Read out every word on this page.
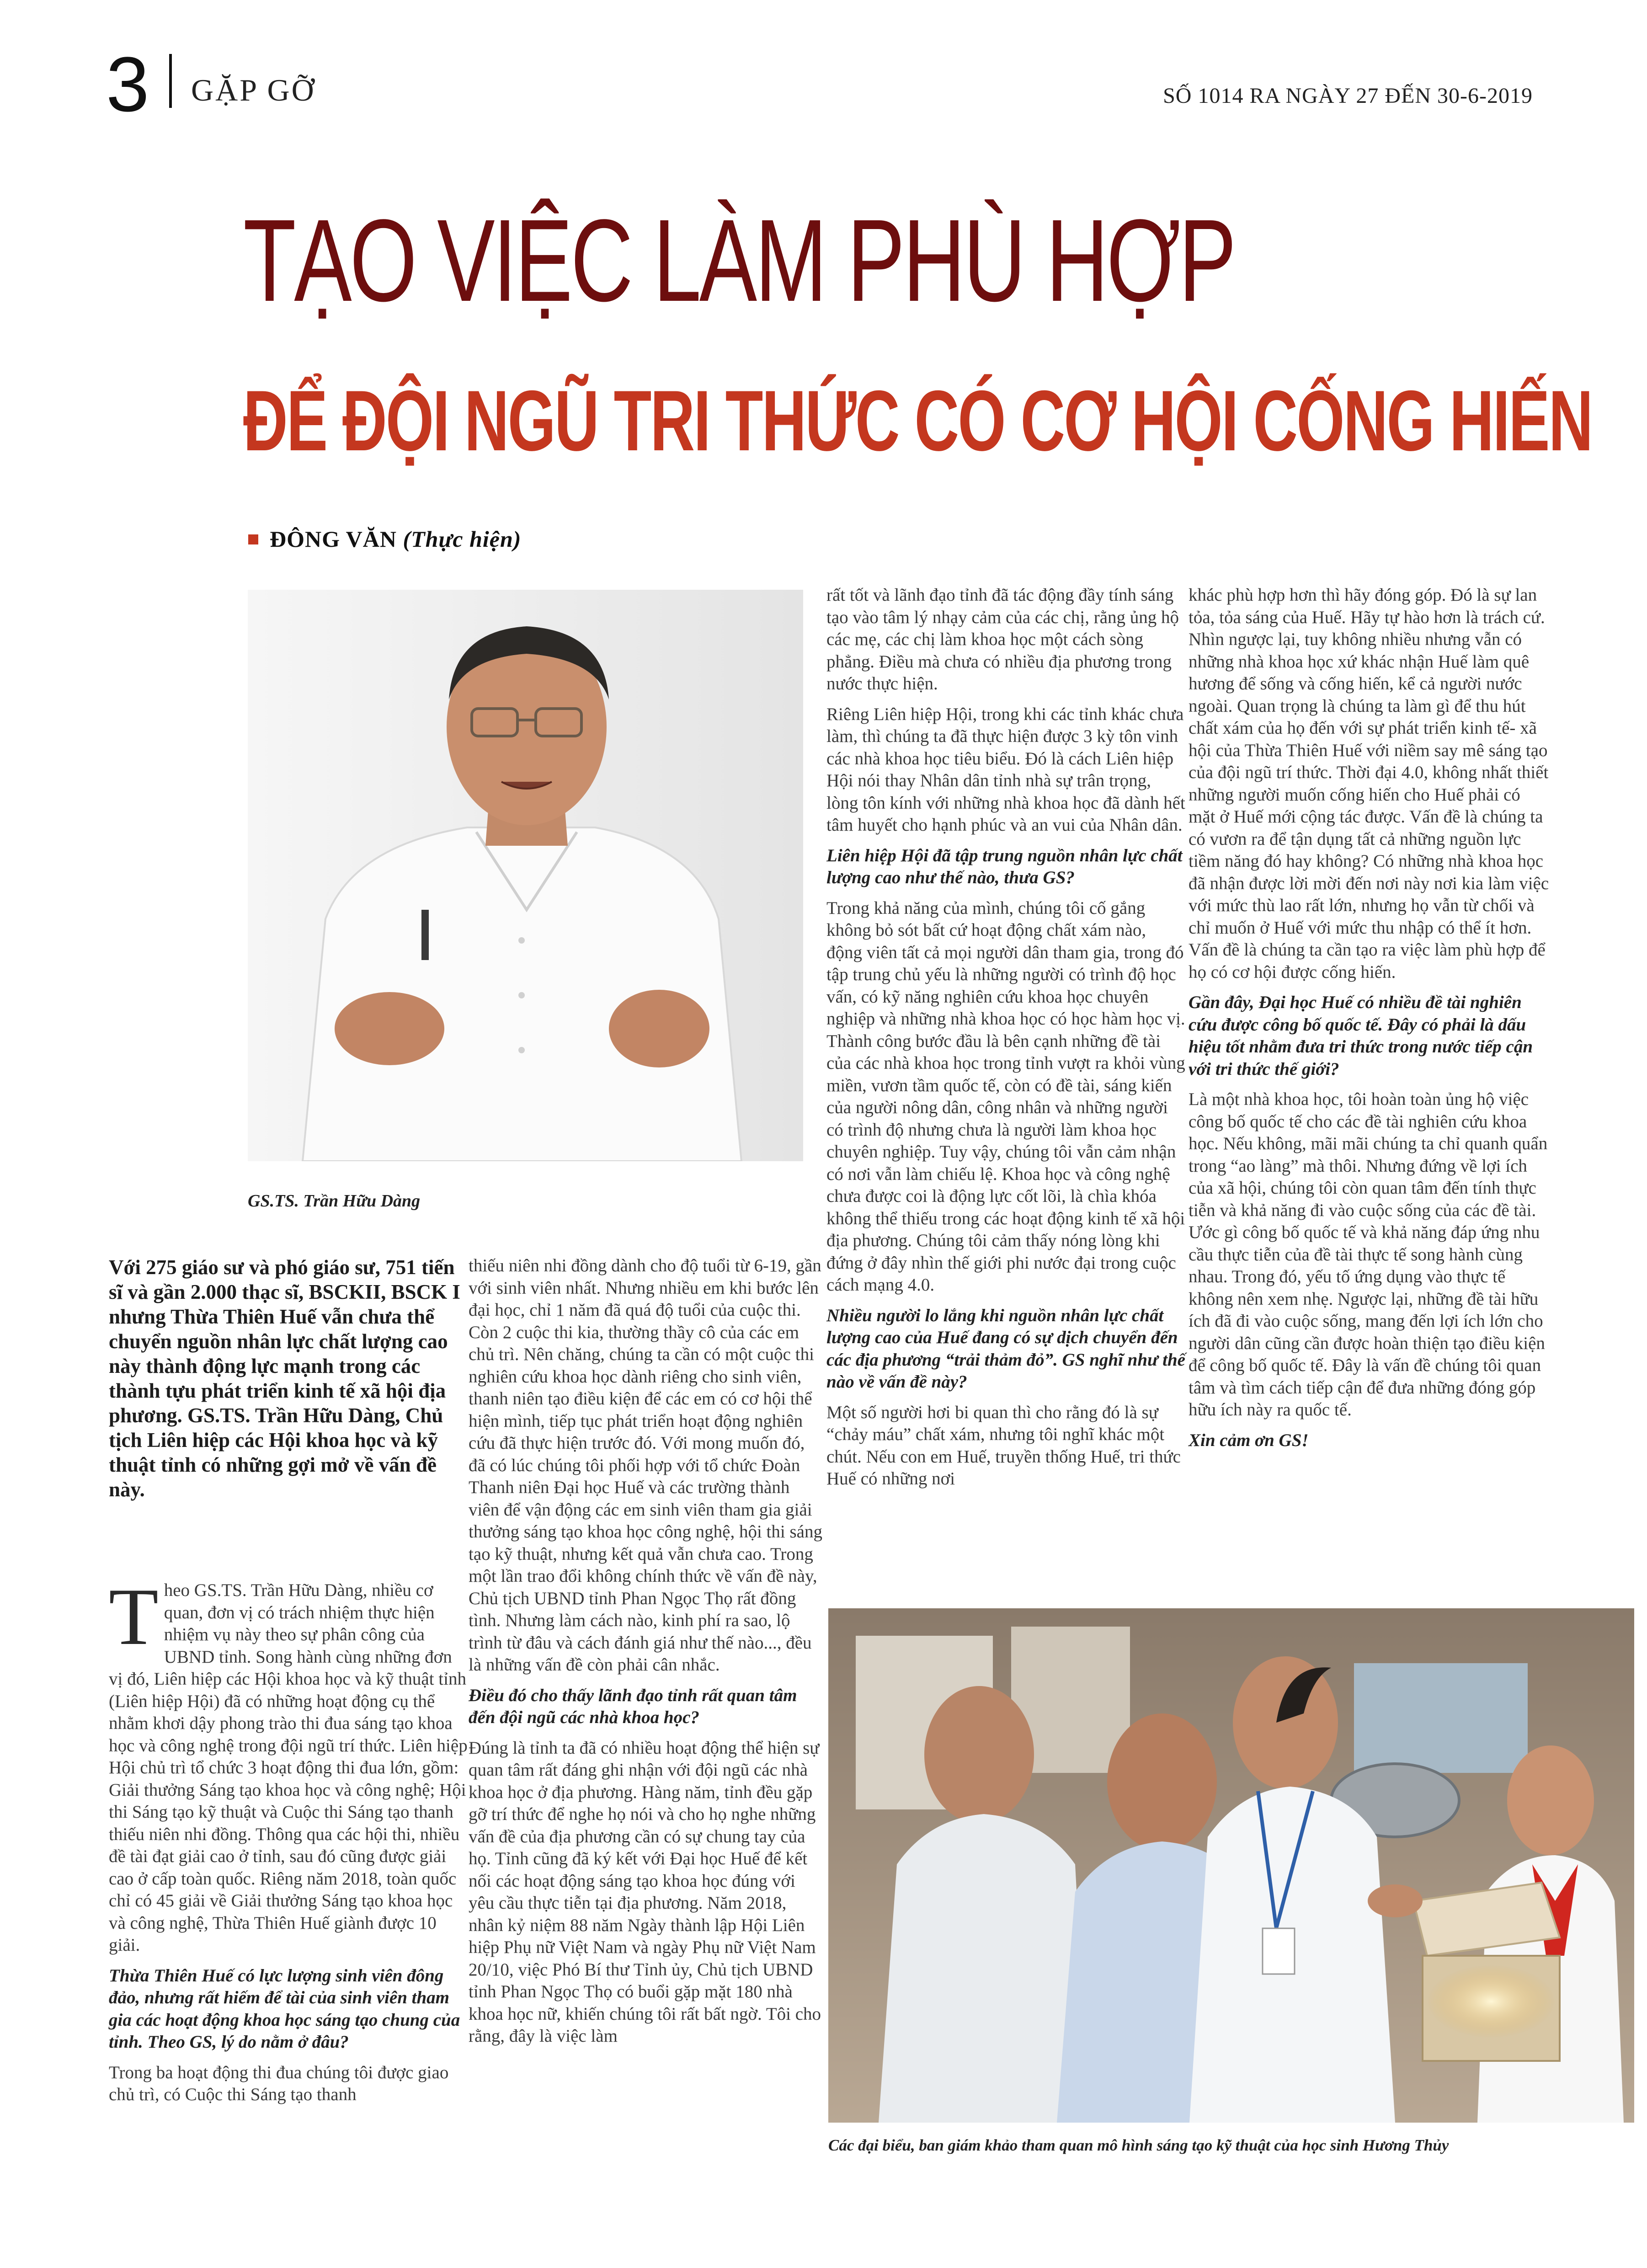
3 GẶP GỠ	SỐ 1014 RA NGÀY 27 ĐẾN 30-6-2019
TẠO VIỆC LÀM PHÙ HỢP
ĐỂ ĐỘI NGŨ TRI THỨC CÓ CƠ HỘI CỐNG HIẾN
ĐÔNG VĂN (Thực hiện)
GS.TS. Trần Hữu Dàng
Với 275 giáo sư và phó giáo sư, 751 tiến sĩ và gần 2.000 thạc sĩ, BSCKII, BSCK I nhưng Thừa Thiên Huế vẫn chưa thể chuyển nguồn nhân lực chất lượng cao này thành động lực mạnh trong các thành tựu phát triển kinh tế xã hội địa phương. GS.TS. Trần Hữu Dàng, Chủ tịch Liên hiệp các Hội khoa học và kỹ thuật tỉnh có những gợi mở về vấn đề này.

Theo GS.TS. Trần Hữu Dàng, nhiều cơ quan, đơn vị có trách nhiệm thực hiện nhiệm vụ này theo sự phân công của UBND tỉnh. Song hành cùng những đơn vị đó, Liên hiệp các Hội khoa học và kỹ thuật tỉnh (Liên hiệp Hội) đã có những hoạt động cụ thể nhằm khơi dậy phong trào thi đua sáng tạo khoa học và công nghệ trong đội ngũ trí thức. Liên hiệp Hội chủ trì tổ chức 3 hoạt động thi đua lớn, gồm: Giải thưởng Sáng tạo khoa học và công nghệ; Hội thi Sáng tạo kỹ thuật và Cuộc thi Sáng tạo thanh thiếu niên nhi đồng. Thông qua các hội thi, nhiều đề tài đạt giải cao ở tỉnh, sau đó cũng được giải cao ở cấp toàn quốc. Riêng năm 2018, toàn quốc chỉ có 45 giải về Giải thưởng Sáng tạo khoa học và công nghệ, Thừa Thiên Huế giành được 10 giải.

Thừa Thiên Huế có lực lượng sinh viên đông đảo, nhưng rất hiếm để tài của sinh viên tham gia các hoạt động khoa học sáng tạo chung của tỉnh. Theo GS, lý do nằm ở đâu?

Trong ba hoạt động thi đua chúng tôi được giao chủ trì, có Cuộc thi Sáng tạo thanh

thiếu niên nhi đồng dành cho độ tuổi từ 6-19, gần với sinh viên nhất. Nhưng nhiều em khi bước lên đại học, chỉ 1 năm đã quá độ tuổi của cuộc thi. Còn 2 cuộc thi kia, thường thầy cô của các em chủ trì. Nên chăng, chúng ta cần có một cuộc thi nghiên cứu khoa học dành riêng cho sinh viên, thanh niên tạo điều kiện để các em có cơ hội thể hiện mình, tiếp tục phát triển hoạt động nghiên cứu đã thực hiện trước đó. Với mong muốn đó, đã có lúc chúng tôi phối hợp với tổ chức Đoàn Thanh niên Đại học Huế và các trường thành viên để vận động các em sinh viên tham gia giải thưởng sáng tạo khoa học công nghệ, hội thi sáng tạo kỹ thuật, nhưng kết quả vẫn chưa cao. Trong một lần trao đổi không chính thức về vấn đề này, Chủ tịch UBND tỉnh Phan Ngọc Thọ rất đồng tình. Nhưng làm cách nào, kinh phí ra sao, lộ trình từ đâu và cách đánh giá như thế nào..., đều là những vấn đề còn phải cân nhắc.

Điều đó cho thấy lãnh đạo tỉnh rất quan tâm đến đội ngũ các nhà khoa học?

Đúng là tỉnh ta đã có nhiều hoạt động thể hiện sự quan tâm rất đáng ghi nhận với đội ngũ các nhà khoa học ở địa phương. Hàng năm, tỉnh đều gặp gỡ trí thức để nghe họ nói và cho họ nghe những vấn đề của địa phương cần có sự chung tay của họ. Tỉnh cũng đã ký kết với Đại học Huế để kết nối các hoạt động sáng tạo khoa học đúng với yêu cầu thực tiễn tại địa phương. Năm 2018, nhân kỷ niệm 88 năm Ngày thành lập Hội Liên hiệp Phụ nữ Việt Nam và ngày Phụ nữ Việt Nam 20/10, việc Phó Bí thư Tỉnh ủy, Chủ tịch UBND tỉnh Phan Ngọc Thọ có buổi gặp mặt 180 nhà khoa học nữ, khiến chúng tôi rất bất ngờ. Tôi cho rằng, đây là việc làm

rất tốt và lãnh đạo tỉnh đã tác động đầy tính sáng tạo vào tâm lý nhạy cảm của các chị, rằng ủng hộ các mẹ, các chị làm khoa học một cách sòng phẳng. Điều mà chưa có nhiều địa phương trong nước thực hiện.

Riêng Liên hiệp Hội, trong khi các tỉnh khác chưa làm, thì chúng ta đã thực hiện được 3 kỳ tôn vinh các nhà khoa học tiêu biểu. Đó là cách Liên hiệp Hội nói thay Nhân dân tỉnh nhà sự trân trọng, lòng tôn kính với những nhà khoa học đã dành hết tâm huyết cho hạnh phúc và an vui của Nhân dân.

Liên hiệp Hội đã tập trung nguồn nhân lực chất lượng cao như thế nào, thưa GS?

Trong khả năng của mình, chúng tôi cố gắng không bỏ sót bất cứ hoạt động chất xám nào, động viên tất cả mọi người dân tham gia, trong đó tập trung chủ yếu là những người có trình độ học vấn, có kỹ năng nghiên cứu khoa học chuyên nghiệp và những nhà khoa học có học hàm học vị. Thành công bước đầu là bên cạnh những đề tài của các nhà khoa học trong tỉnh vượt ra khỏi vùng miền, vươn tầm quốc tế, còn có đề tài, sáng kiến của người nông dân, công nhân và những người có trình độ nhưng chưa là người làm khoa học chuyên nghiệp. Tuy vậy, chúng tôi vẫn cảm nhận có nơi vẫn làm chiếu lệ. Khoa học và công nghệ chưa được coi là động lực cốt lõi, là chìa khóa không thể thiếu trong các hoạt động kinh tế xã hội địa phương. Chúng tôi cảm thấy nóng lòng khi đứng ở đây nhìn thế giới phi nước đại trong cuộc cách mạng 4.0.

Nhiều người lo lắng khi nguồn nhân lực chất lượng cao của Huế đang có sự dịch chuyển đến các địa phương “trải thảm đỏ”. GS nghĩ như thế nào về vấn đề này?

Một số người hơi bi quan thì cho rằng đó là sự “chảy máu” chất xám, nhưng tôi nghĩ khác một chút. Nếu con em Huế, truyền thống Huế, tri thức Huế có những nơi

khác phù hợp hơn thì hãy đóng góp. Đó là sự lan tỏa, tỏa sáng của Huế. Hãy tự hào hơn là trách cứ. Nhìn ngược lại, tuy không nhiều nhưng vẫn có những nhà khoa học xứ khác nhận Huế làm quê hương để sống và cống hiến, kể cả người nước ngoài. Quan trọng là chúng ta làm gì để thu hút chất xám của họ đến với sự phát triển kinh tế- xã hội của Thừa Thiên Huế với niềm say mê sáng tạo của đội ngũ trí thức. Thời đại 4.0, không nhất thiết những người muốn cống hiến cho Huế phải có mặt ở Huế mới cộng tác được. Vấn đề là chúng ta có vươn ra để tận dụng tất cả những nguồn lực tiềm năng đó hay không? Có những nhà khoa học đã nhận được lời mời đến nơi này nơi kia làm việc với mức thù lao rất lớn, nhưng họ vẫn từ chối và chỉ muốn ở Huế với mức thu nhập có thể ít hơn. Vấn đề là chúng ta cần tạo ra việc làm phù hợp để họ có cơ hội được cống hiến.

Gần đây, Đại học Huế có nhiều đề tài nghiên cứu được công bố quốc tế. Đây có phải là dấu hiệu tốt nhằm đưa tri thức trong nước tiếp cận với tri thức thế giới?

Là một nhà khoa học, tôi hoàn toàn ủng hộ việc công bố quốc tế cho các đề tài nghiên cứu khoa học. Nếu không, mãi mãi chúng ta chỉ quanh quẩn trong “ao làng” mà thôi. Nhưng đứng về lợi ích của xã hội, chúng tôi còn quan tâm đến tính thực tiễn và khả năng đi vào cuộc sống của các đề tài. Ước gì công bố quốc tế và khả năng đáp ứng nhu cầu thực tiễn của đề tài thực tế song hành cùng nhau. Trong đó, yếu tố ứng dụng vào thực tế không nên xem nhẹ. Ngược lại, những đề tài hữu ích đã đi vào cuộc sống, mang đến lợi ích lớn cho người dân cũng cần được hoàn thiện tạo điều kiện để công bố quốc tế. Đây là vấn đề chúng tôi quan tâm và tìm cách tiếp cận để đưa những đóng góp hữu ích này ra quốc tế.

Xin cảm ơn GS!

Các đại biểu, ban giám khảo tham quan mô hình sáng tạo kỹ thuật của học sinh Hương Thủy
